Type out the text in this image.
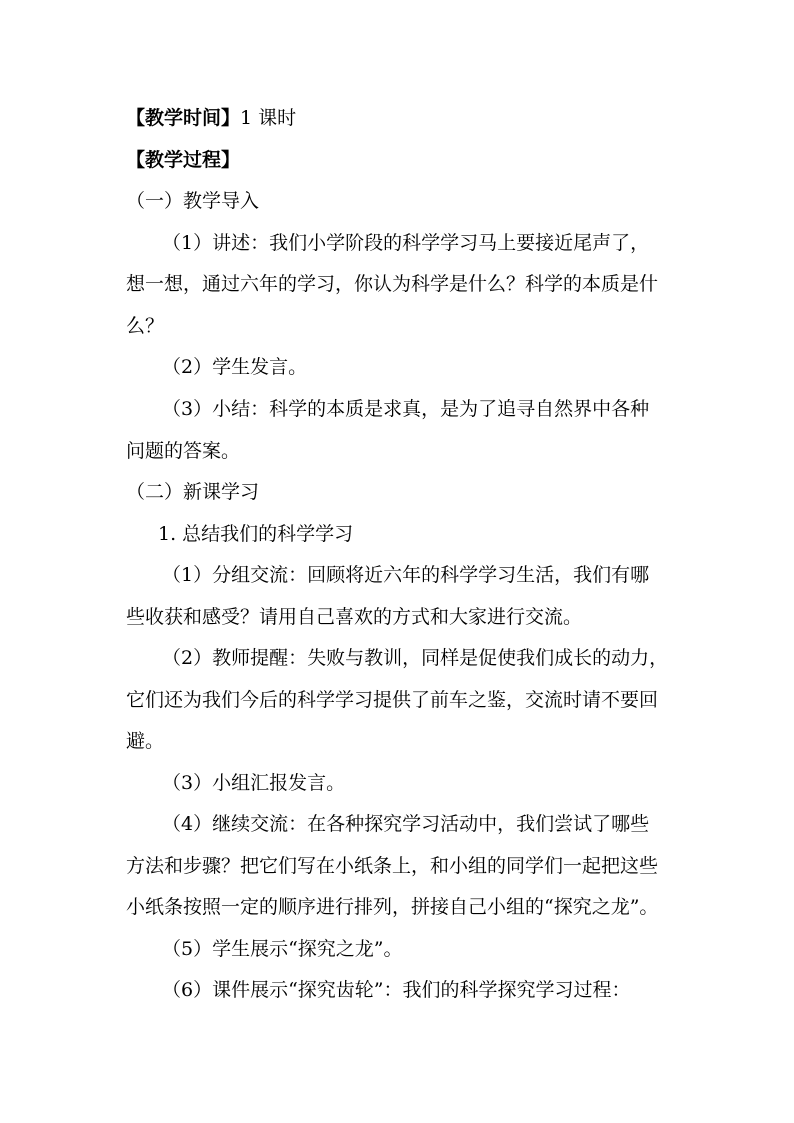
【教学时间】1 课时
【教学过程】
（一）教学导入
（1）讲述：我们小学阶段的科学学习马上要接近尾声了，
想一想，通过六年的学习，你认为科学是什么？科学的本质是什
么？
（2）学生发言。
（3）小结：科学的本质是求真，是为了追寻自然界中各种
问题的答案。
（二）新课学习
1. 总结我们的科学学习
（1）分组交流：回顾将近六年的科学学习生活，我们有哪
些收获和感受？请用自己喜欢的方式和大家进行交流。
（2）教师提醒：失败与教训，同样是促使我们成长的动力，
它们还为我们今后的科学学习提供了前车之鉴，交流时请不要回
避。
（3）小组汇报发言。
（4）继续交流：在各种探究学习活动中，我们尝试了哪些
方法和步骤？把它们写在小纸条上，和小组的同学们一起把这些
小纸条按照一定的顺序进行排列，拼接自己小组的“探究之龙”。
（5）学生展示“探究之龙”。
（6）课件展示“探究齿轮”：我们的科学探究学习过程：
